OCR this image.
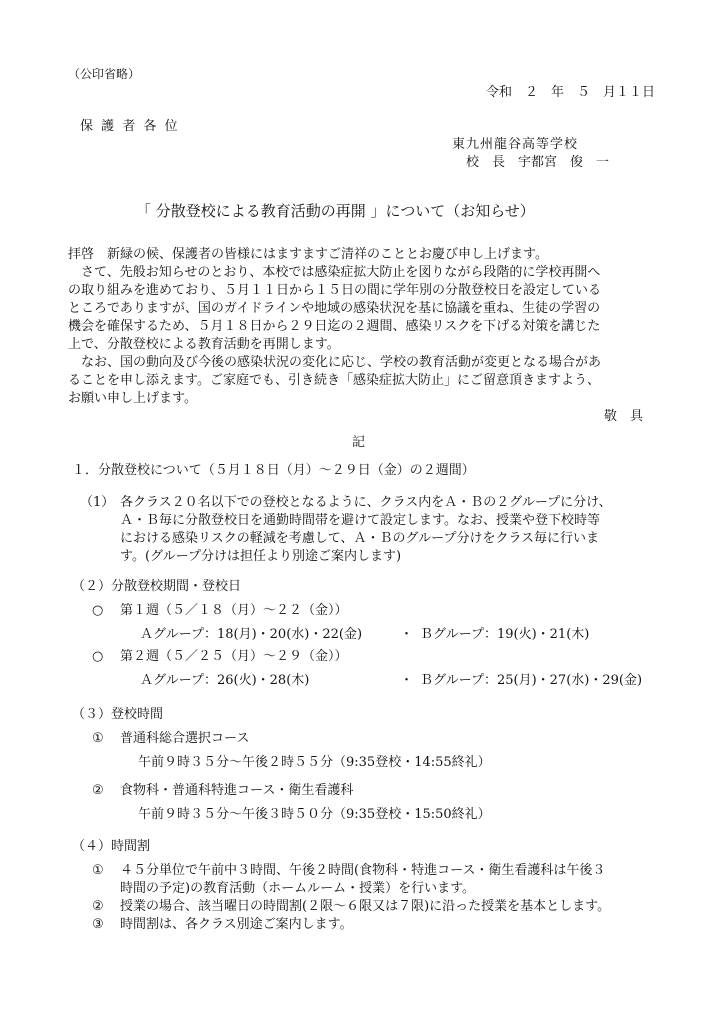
（公印省略）

令和　２　年　５　月１１日

保 護 者 各 位

東九州龍谷高等学校

校　長　宇都宮　俊　一

「 分散登校による教育活動の再開 」について（お知らせ）

拝啓　新緑の候、保護者の皆様にはますますご清祥のこととお慶び申し上げます。

　さて、先般お知らせのとおり、本校では感染症拡大防止を図りながら段階的に学校再開へ

の取り組みを進めており、５月１１日から１５日の間に学年別の分散登校日を設定している

ところでありますが、国のガイドラインや地域の感染状況を基に協議を重ね、生徒の学習の

機会を確保するため、５月１８日から２９日迄の２週間、感染リスクを下げる対策を講じた

上で、分散登校による教育活動を再開します。

　なお、国の動向及び今後の感染状況の変化に応じ、学校の教育活動が変更となる場合があ

ることを申し添えます。ご家庭でも、引き続き「感染症拡大防止」にご留意頂きますよう、

お願い申し上げます。

敬　具

記

１．分散登校について（５月１８日（月）～２９日（金）の２週間）

（1） 各クラス２０名以下での登校となるように、クラス内をＡ・Ｂの２グループに分け、

Ａ・Ｂ毎に分散登校日を通勤時間帯を避けて設定します。なお、授業や登下校時等

における感染リスクの軽減を考慮して、Ａ・Ｂのグループ分けをクラス毎に行いま

す。(グループ分けは担任より別途ご案内します)

（２）分散登校期間・登校日

○ 第１週（５／１８（月）～２２（金））

Ａグループ：18(月)・20(水)・22(金)	・ Ｂグループ：19(火)・21(木)

○ 第２週（５／２５（月）～２９（金））

Ａグループ：26(火)・28(木)	・ Ｂグループ：25(月)・27(水)・29(金)

（３）登校時間

① 普通科総合選択コース

午前９時３５分～午後２時５５分（9:35登校・14:55終礼）

② 食物科・普通科特進コース・衛生看護科

午前９時３５分～午後３時５０分（9:35登校・15:50終礼）

（４）時間割

① ４５分単位で午前中３時間、午後２時間(食物科・特進コース・衛生看護科は午後３

時間の予定)の教育活動（ホームルーム・授業）を行います。

② 授業の場合、該当曜日の時間割(２限～６限又は７限)に沿った授業を基本とします。

③ 時間割は、各クラス別途ご案内します。
